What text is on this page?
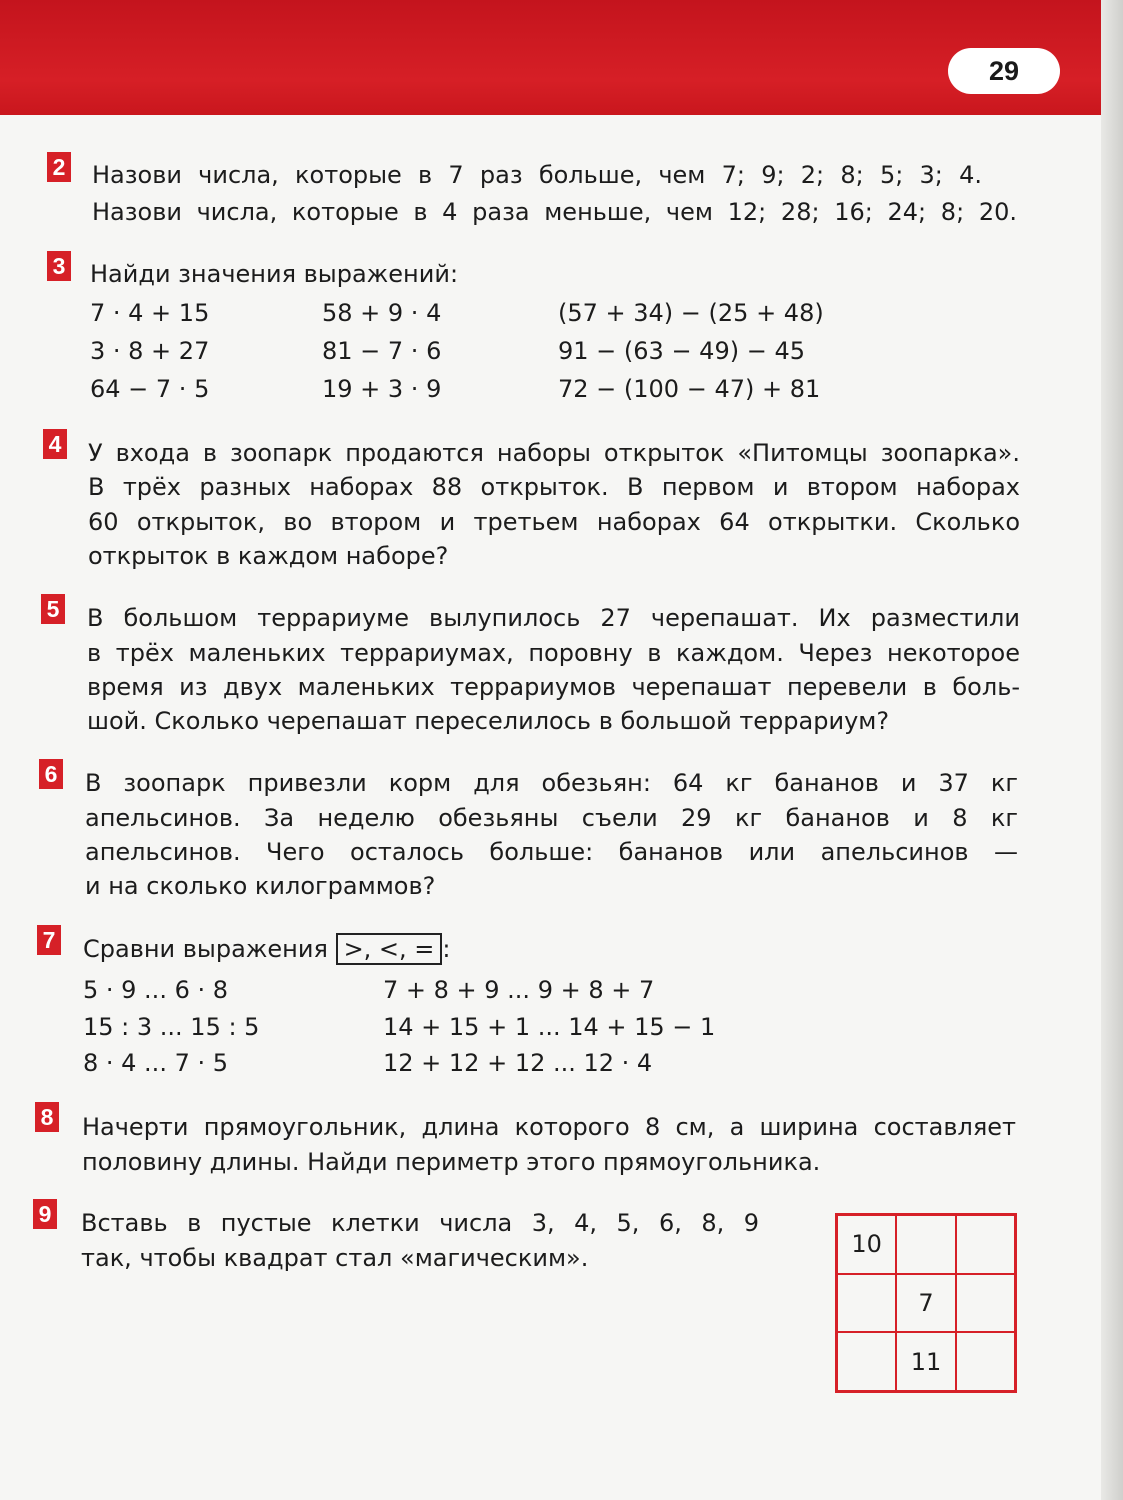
29
2 Назови числа, которые в 7 раз больше, чем 7; 9; 2; 8; 5; 3; 4.
Назови числа, которые в 4 раза меньше, чем 12; 28; 16; 24; 8; 20.
3 Найди значения выражений:
7 · 4 + 15
3 · 8 + 27
64 − 7 · 5
58 + 9 · 4
81 − 7 · 6
19 + 3 · 9
(57 + 34) − (25 + 48)
91 − (63 − 49) − 45
72 − (100 − 47) + 81
4 У входа в зоопарк продаются наборы открыток «Питомцы зоопарка».
В трёх разных наборах 88 открыток. В первом и втором наборах
60 открыток, во втором и третьем наборах 64 открытки. Сколько
открыток в каждом наборе?
5 В большом террариуме вылупилось 27 черепашат. Их разместили
в трёх маленьких террариумах, поровну в каждом. Через некоторое
время из двух маленьких террариумов черепашат перевели в боль-
шой. Сколько черепашат переселилось в большой террариум?
6 В зоопарк привезли корм для обезьян: 64 кг бананов и 37 кг
апельсинов. За неделю обезьяны съели 29 кг бананов и 8 кг
апельсинов. Чего осталось больше: бананов или апельсинов —
и на сколько килограммов?
7 Сравни выражения >, <, = :
5 · 9 ... 6 · 8
15 : 3 ... 15 : 5
8 · 4 ... 7 · 5
7 + 8 + 9 ... 9 + 8 + 7
14 + 15 + 1 ... 14 + 15 − 1
12 + 12 + 12 ... 12 · 4
8 Начерти прямоугольник, длина которого 8 см, а ширина составляет
половину длины. Найди периметр этого прямоугольника.
9 Вставь в пустые клетки числа 3, 4, 5, 6, 8, 9
так, чтобы квадрат стал «магическим».	10
7
11
